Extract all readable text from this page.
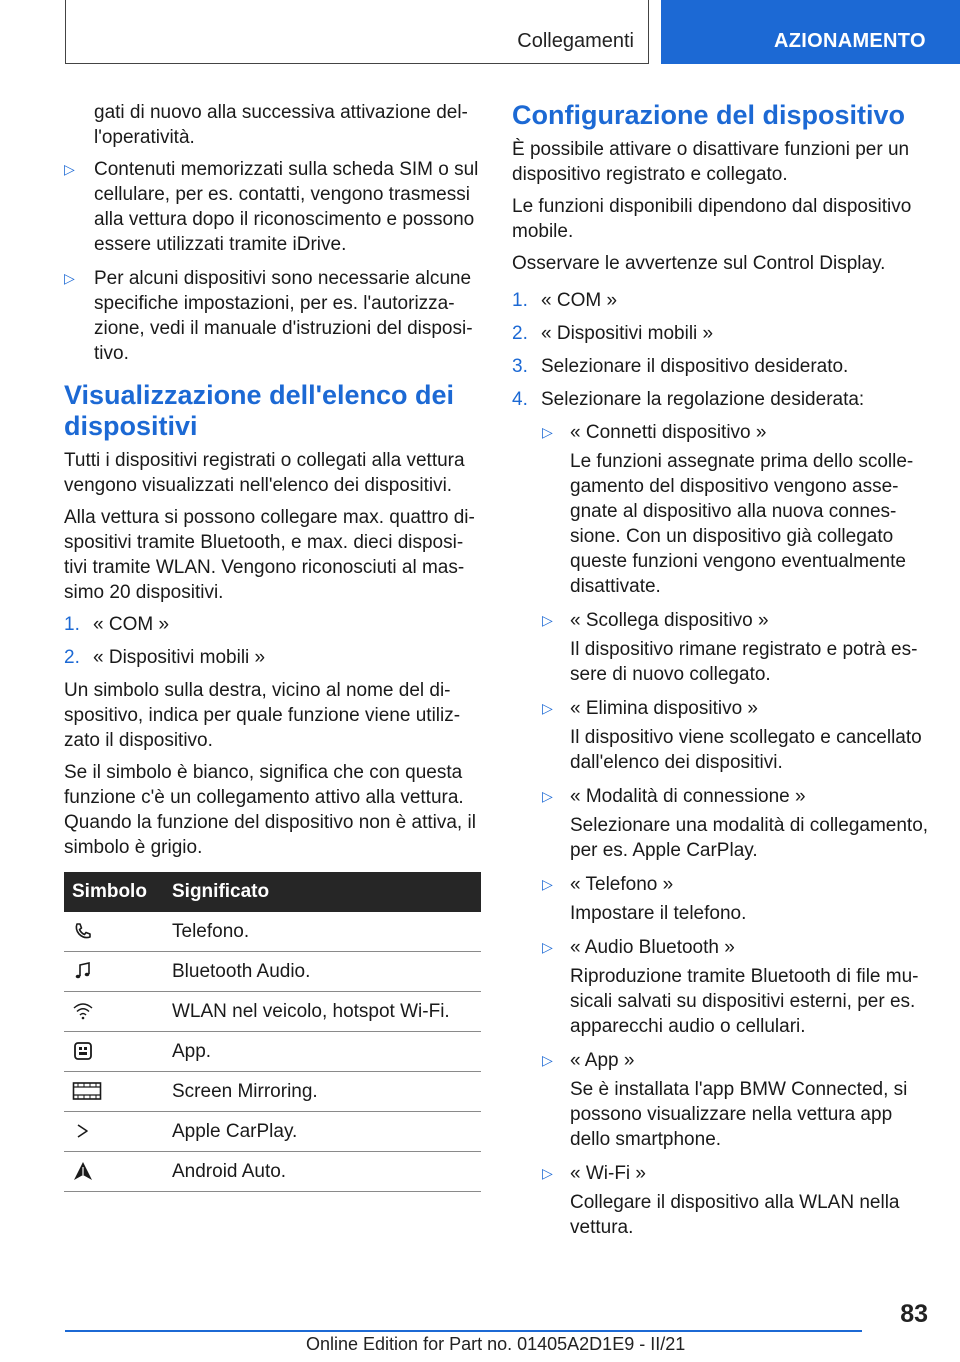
Collegamenti	AZIONAMENTO

gati di nuovo alla successiva attivazione del-l'operatività.

▷ Contenuti memorizzati sulla scheda SIM o sul cellulare, per es. contatti, vengono trasmessi alla vettura dopo il riconoscimento e possono essere utilizzati tramite iDrive.
▷ Per alcuni dispositivi sono necessarie alcune specifiche impostazioni, per es. l'autorizza-zione, vedi il manuale d'istruzioni del disposi-tivo.
Visualizzazione dell'elenco dei dispositivi

Tutti i dispositivi registrati o collegati alla vettura vengono visualizzati nell'elenco dei dispositivi.

Alla vettura si possono collegare max. quattro di-spositivi tramite Bluetooth, e max. dieci disposi-tivi tramite WLAN. Vengono riconosciuti al mas-simo 20 dispositivi.

1. « COM »
2. « Dispositivi mobili »

Un simbolo sulla destra, vicino al nome del di-spositivo, indica per quale funzione viene utiliz-zato il dispositivo.

Se il simbolo è bianco, significa che con questa funzione c'è un collegamento attivo alla vettura. Quando la funzione del dispositivo non è attiva, il simbolo è grigio.

Simbolo	Significato
	Telefono.
	Bluetooth Audio.
	WLAN nel veicolo, hotspot Wi-Fi.
	App.
	Screen Mirroring.
	Apple CarPlay.
	Android Auto.
Configurazione del dispositivo

È possibile attivare o disattivare funzioni per un dispositivo registrato e collegato.

Le funzioni disponibili dipendono dal dispositivo mobile.

Osservare le avvertenze sul Control Display.

1. « COM »
2. « Dispositivi mobili »
3. Selezionare il dispositivo desiderato.
4. Selezionare la regolazione desiderata:
▷ « Connetti dispositivo »

Le funzioni assegnate prima dello scolle-gamento del dispositivo vengono asse-gnate al dispositivo alla nuova connes-sione. Con un dispositivo già collegato queste funzioni vengono eventualmente disattivate.

▷ « Scollega dispositivo »

Il dispositivo rimane registrato e potrà es-sere di nuovo collegato.

▷ « Elimina dispositivo »

Il dispositivo viene scollegato e cancellato dall'elenco dei dispositivi.

▷ « Modalità di connessione »

Selezionare una modalità di collegamento, per es. Apple CarPlay.

▷ « Telefono »

Impostare il telefono.

▷ « Audio Bluetooth »

Riproduzione tramite Bluetooth di file mu-sicali salvati su dispositivi esterni, per es. apparecchi audio o cellulari.

▷ « App »

Se è installata l'app BMW Connected, si possono visualizzare nella vettura app dello smartphone.

▷ « Wi-Fi »

Collegare il dispositivo alla WLAN nella vettura.

83
Online Edition for Part no. 01405A2D1E9 - II/21
